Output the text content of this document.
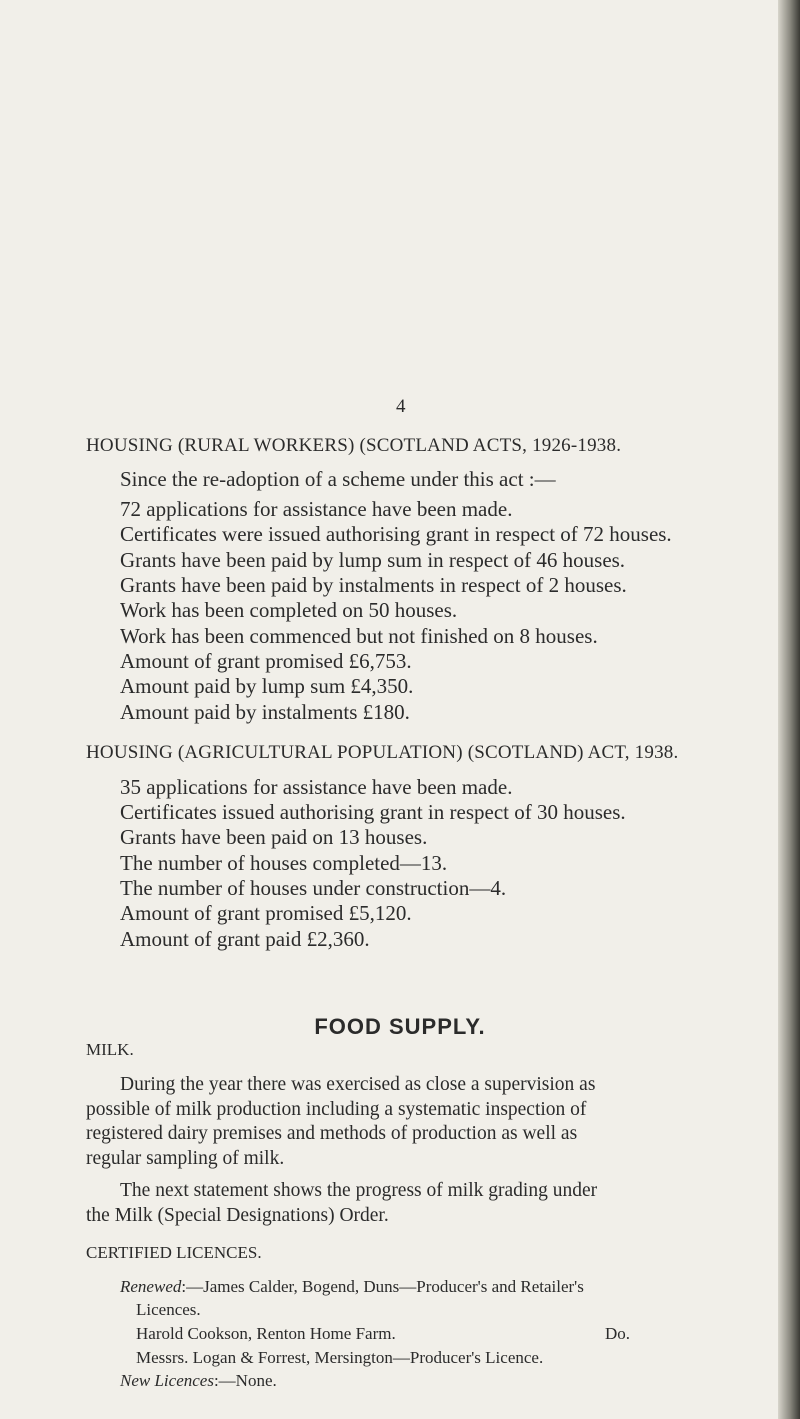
4
HOUSING (RURAL WORKERS) (SCOTLAND ACTS, 1926-1938.
Since the re-adoption of a scheme under this act :—
72 applications for assistance have been made.
Certificates were issued authorising grant in respect of 72 houses.
Grants have been paid by lump sum in respect of 46 houses.
Grants have been paid by instalments in respect of 2 houses.
Work has been completed on 50 houses.
Work has been commenced but not finished on 8 houses.
Amount of grant promised £6,753.
Amount paid by lump sum £4,350.
Amount paid by instalments £180.
HOUSING (AGRICULTURAL POPULATION) (SCOTLAND) ACT, 1938.
35 applications for assistance have been made.
Certificates issued authorising grant in respect of 30 houses.
Grants have been paid on 13 houses.
The number of houses completed—13.
The number of houses under construction—4.
Amount of grant promised £5,120.
Amount of grant paid £2,360.
FOOD SUPPLY.
MILK.
During the year there was exercised as close a supervision as
possible of milk production including a systematic inspection of
registered dairy premises and methods of production as well as
regular sampling of milk.
The next statement shows the progress of milk grading under
the Milk (Special Designations) Order.
CERTIFIED LICENCES.
Renewed:—James Calder, Bogend, Duns—Producer's and Retailer's
Licences.
Harold Cookson, Renton Home Farm.	Do.
Messrs. Logan & Forrest, Mersington—Producer's Licence.
New Licences:—None.
